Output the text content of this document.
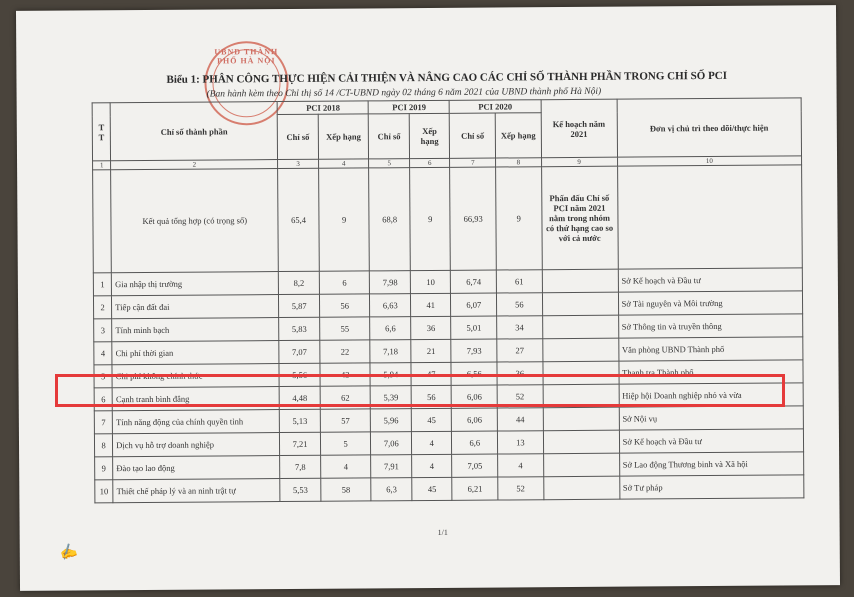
UBND THÀNH PHỐ HÀ NỘI
Biểu 1: PHÂN CÔNG THỰC HIỆN CẢI THIỆN VÀ NÂNG CAO CÁC CHỈ SỐ THÀNH PHẦN TRONG CHỈ SỐ PCI
(Ban hành kèm theo Chỉ thị số 14 /CT-UBND ngày 02 tháng 6 năm 2021 của UBND thành phố Hà Nội)
T T	Chỉ số thành phần	PCI 2018		PCI 2019		PCI 2020		Kế hoạch năm 2021	Đơn vị chủ trì theo dõi/thực hiện
		Chỉ số	Xếp hạng	Chỉ số	Xếp hạng	Chỉ số	Xếp hạng		
1	2	3	4	5	6	7	8	9	10
	Kết quả tổng hợp (có trọng số)	65,4	9	68,8	9	66,93	9	Phấn đấu Chỉ số PCI năm 2021 nằm trong nhóm có thứ hạng cao so với cả nước	
1	Gia nhập thị trường	8,2	6	7,98	10	6,74	61		Sở Kế hoạch và Đầu tư
2	Tiếp cận đất đai	5,87	56	6,63	41	6,07	56		Sở Tài nguyên và Môi trường
3	Tính minh bạch	5,83	55	6,6	36	5,01	34		Sở Thông tin và truyền thông
4	Chi phí thời gian	7,07	22	7,18	21	7,93	27		Văn phòng UBND Thành phố
5	Chi phí không chính thức	5,56	43	5,94	47	6,56	36		Thanh tra Thành phố
6	Cạnh tranh bình đẳng	4,48	62	5,39	56	6,06	52		Hiệp hội Doanh nghiệp nhỏ và vừa
7	Tính năng động của chính quyền tỉnh	5,13	57	5,96	45	6,06	44		Sở Nội vụ
8	Dịch vụ hỗ trợ doanh nghiệp	7,21	5	7,06	4	6,6	13		Sở Kế hoạch và Đầu tư
9	Đào tạo lao động	7,8	4	7,91	4	7,05	4		Sở Lao động Thương binh và Xã hội
10	Thiết chế pháp lý và an ninh trật tự	5,53	58	6,3	45	6,21	52		Sở Tư pháp
1/1
✍
